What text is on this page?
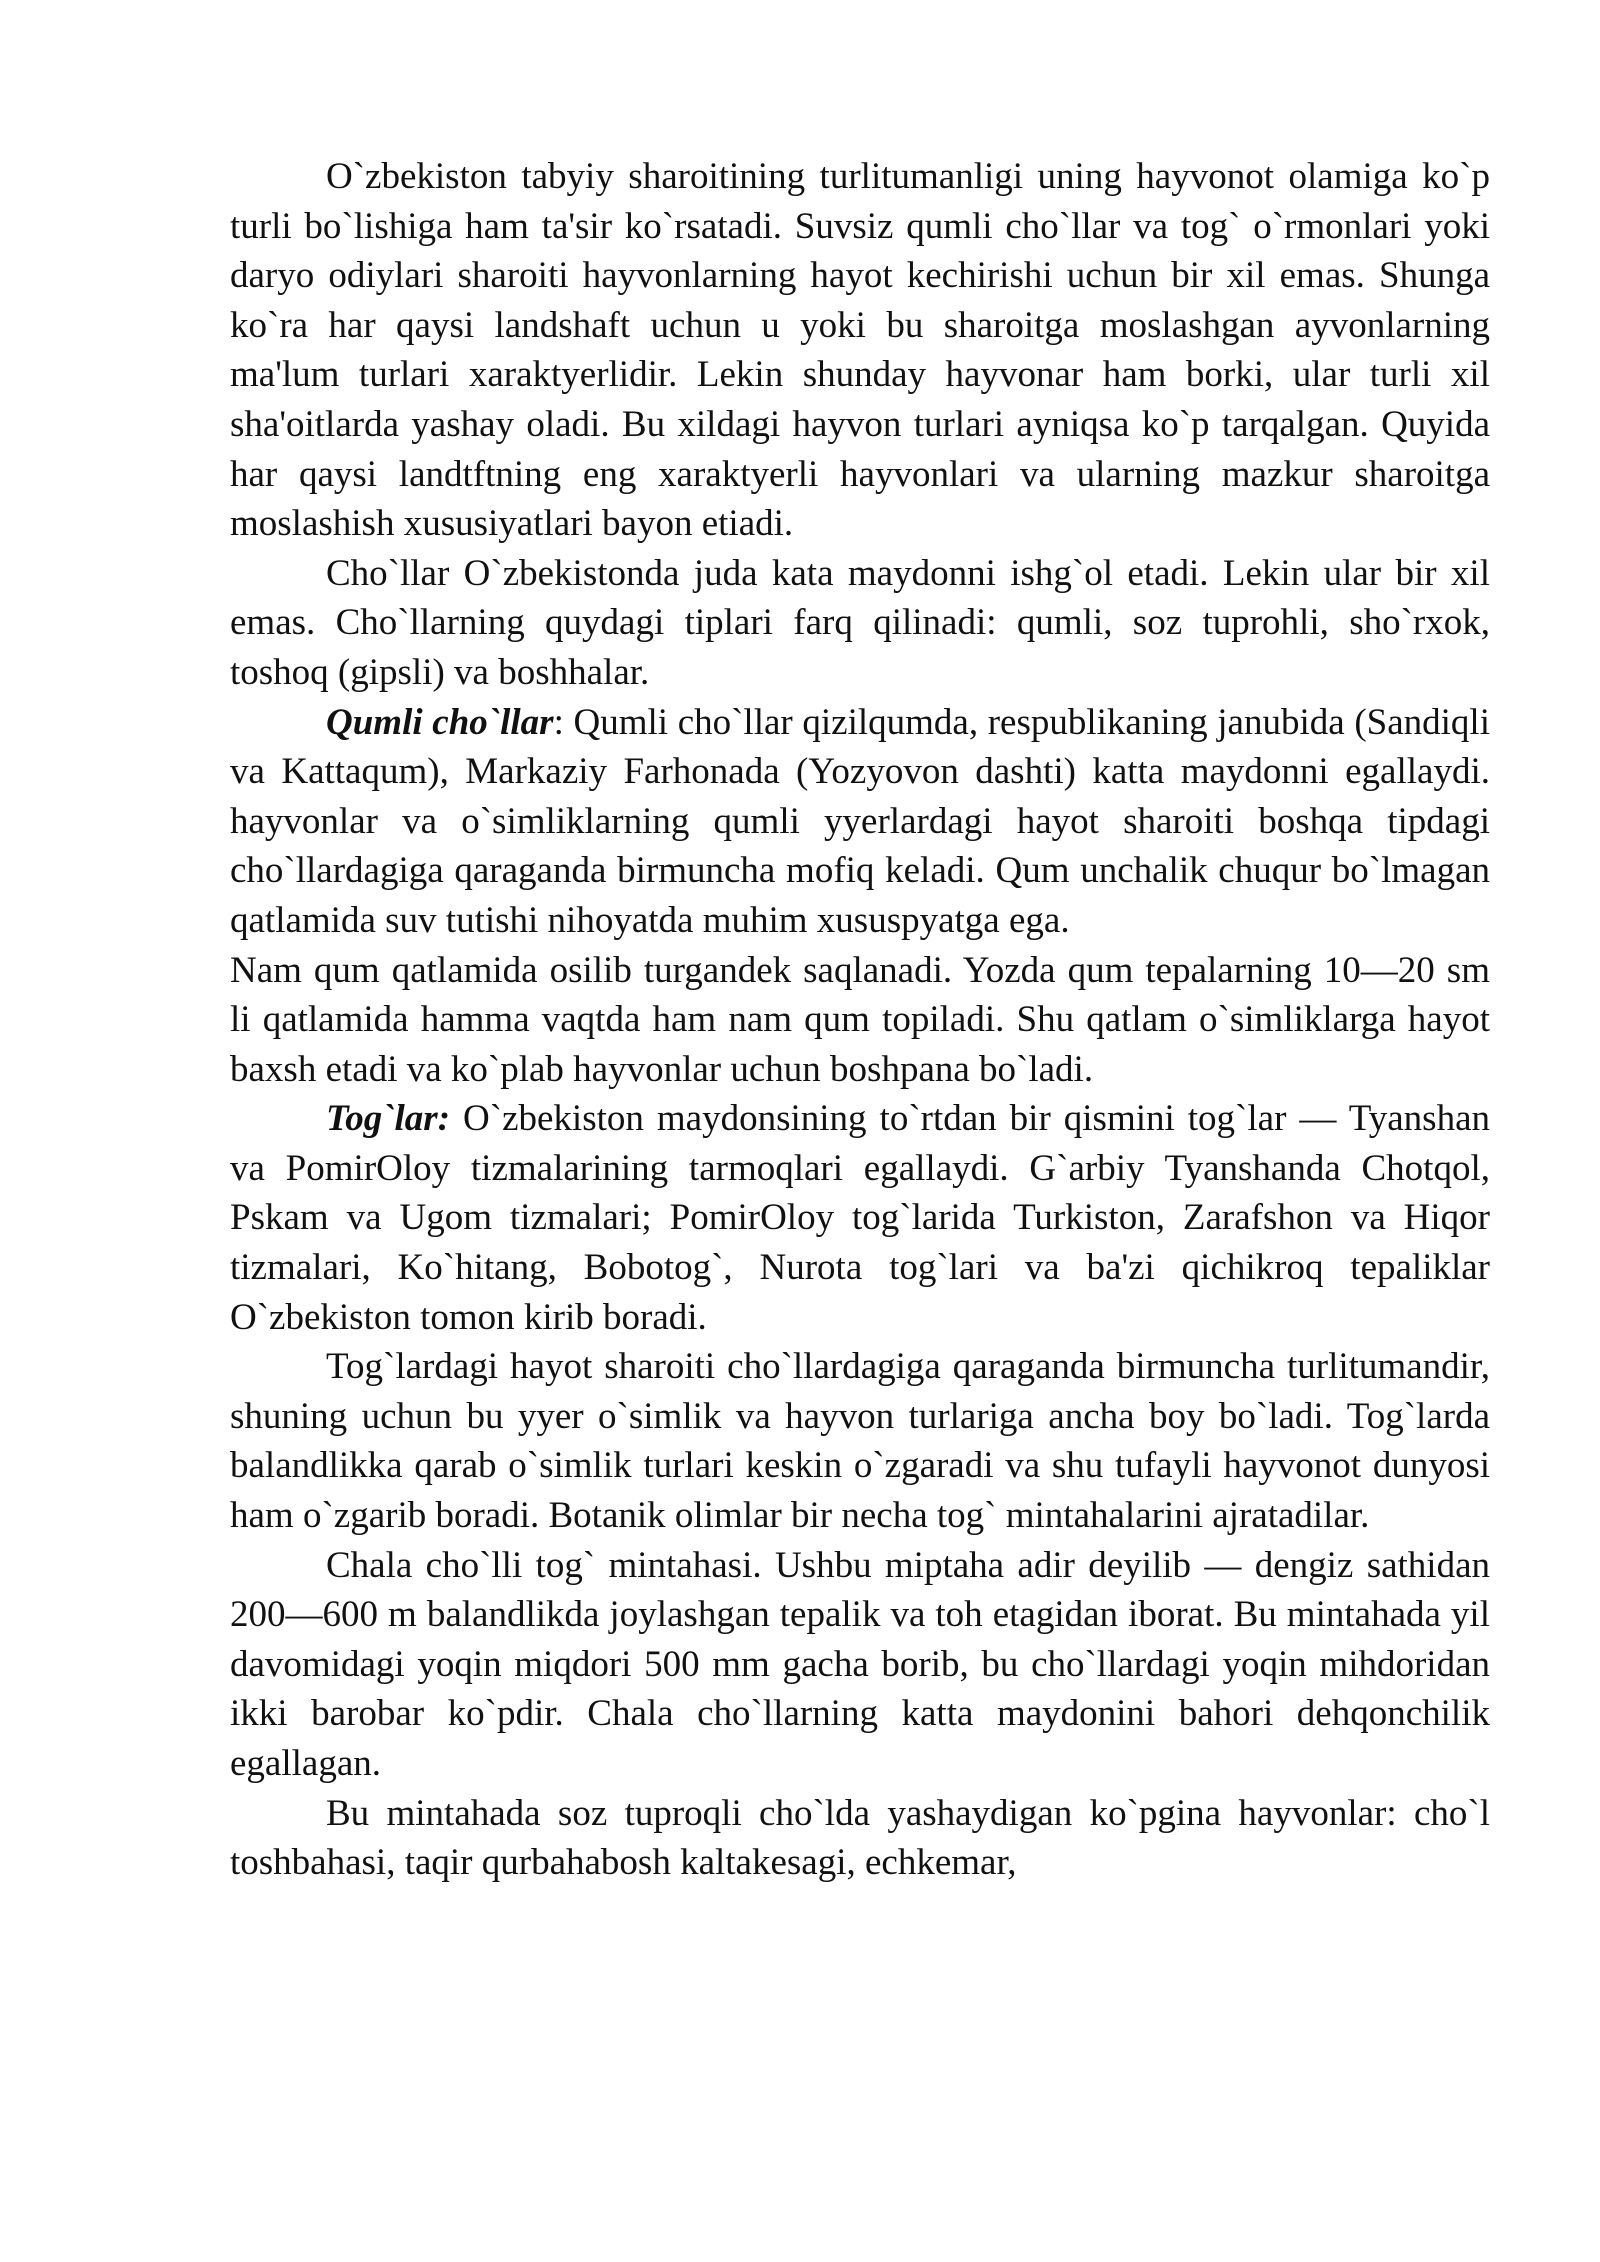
O`zbekiston tabyiy sharoitining turlitumanligi uning hayvonot olamiga ko`p turli bo`lishiga ham ta'sir ko`rsatadi. Suvsiz qumli cho`llar va tog` o`rmonlari yoki daryo odiylari sharoiti hayvonlarning hayot kechirishi uchun bir xil emas. Shunga ko`ra har qaysi landshaft uchun u yoki bu sharoitga moslashgan ayvonlarning ma'lum turlari xaraktyerlidir. Lekin shunday hayvonar ham borki, ular turli xil sha'oitlarda yashay oladi. Bu xildagi hayvon turlari ayniqsa ko`p tarqalgan. Quyida har qaysi landtftning eng xaraktyerli hayvonlari va ularning mazkur sharoitga moslashish xususiyatlari bayon etiadi.

Cho`llar O`zbekistonda juda kata maydonni ishg`ol etadi. Lekin ular bir xil emas. Cho`llarning quydagi tiplari farq qilinadi: qumli, soz tuprohli, sho`rxok, toshoq (gipsli) va boshhalar.

Qumli cho`llar: Qumli cho`llar qizilqumda, respublikaning janubida (Sandiqli va Kattaqum), Markaziy Farhonada (Yozyovon dashti) katta maydonni egallaydi. hayvonlar va o`simliklarning qumli yyerlardagi hayot sharoiti boshqa tipdagi cho`llardagiga qaraganda birmuncha mofiq keladi. Qum unchalik chuqur bo`lmagan qatlamida suv tutishi nihoyatda muhim xususpyatga ega.

Nam qum qatlamida osilib turgandek saqlanadi. Yozda qum tepalarning 10—20 sm li qatlamida hamma vaqtda ham nam qum topiladi. Shu qatlam o`simliklarga hayot baxsh etadi va ko`plab hayvonlar uchun boshpana bo`ladi.

Tog`lar: O`zbekiston maydonsining to`rtdan bir qismini tog`lar — Tyanshan va PomirOloy tizmalarining tarmoqlari egallaydi. G`arbiy Tyanshanda Chotqol, Pskam va Ugom tizmalari; PomirOloy tog`larida Turkiston, Zarafshon va Hiqor tizmalari, Ko`hitang, Bobotog`, Nurota tog`lari va ba'zi qichikroq tepaliklar O`zbekiston tomon kirib boradi.

Tog`lardagi hayot sharoiti cho`llardagiga qaraganda birmuncha turlitumandir, shuning uchun bu yyer o`simlik va hayvon turlariga ancha boy bo`ladi. Tog`larda balandlikka qarab o`simlik turlari keskin o`zgaradi va shu tufayli hayvonot dunyosi ham o`zgarib boradi. Botanik olimlar bir necha tog` mintahalarini ajratadilar.

Chala cho`lli tog` mintahasi. Ushbu miptaha adir deyilib — dengiz sathidan 200—600 m balandlikda joylashgan tepalik va toh etagidan iborat. Bu mintahada yil davomidagi yoqin miqdori 500 mm gacha borib, bu cho`llardagi yoqin mihdoridan ikki barobar ko`pdir. Chala cho`llarning katta maydonini bahori dehqonchilik egallagan.

Bu mintahada soz tuproqli cho`lda yashaydigan ko`pgina hayvonlar: cho`l toshbahasi, taqir qurbahabosh kaltakesagi, echkemar,
